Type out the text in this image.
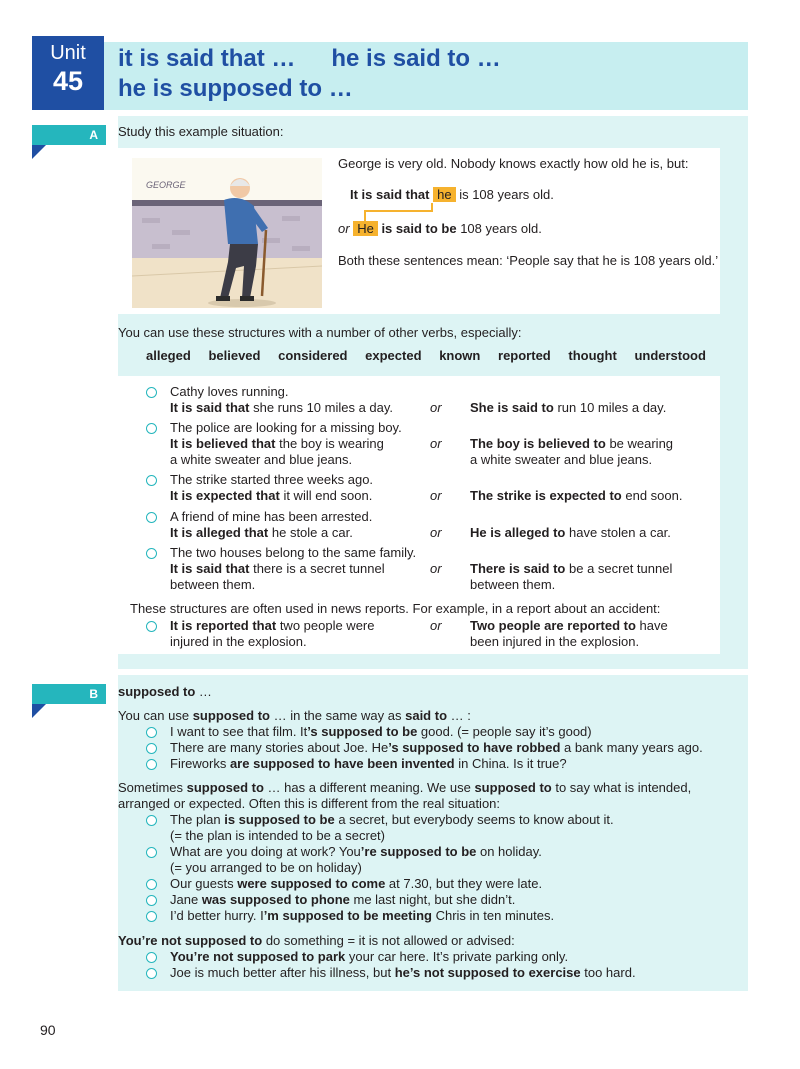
Unit
45
it is said that … he is said to …
he is supposed to …
A	Study this example situation:
GEORGE
George is very old. Nobody knows exactly how old he is, but:
It is said that he is 108 years old.
or He is said to be 108 years old.
Both these sentences mean: ‘People say that he is 108 years old.’
You can use these structures with a number of other verbs, especially:
alleged believed considered expected known reported thought understood
Cathy loves running.
It is said that she runs 10 miles a day.	or She is said to run 10 miles a day.
The police are looking for a missing boy.
It is believed that the boy is wearing
a white sweater and blue jeans.
or The boy is believed to be wearing
a white sweater and blue jeans.
The strike started three weeks ago.
It is expected that it will end soon.	or The strike is expected to end soon.
A friend of mine has been arrested.
It is alleged that he stole a car.	or He is alleged to have stolen a car.
The two houses belong to the same family.
It is said that there is a secret tunnel
between them.
or There is said to be a secret tunnel
between them.
These structures are often used in news reports. For example, in a report about an accident:
It is reported that two people were
injured in the explosion.
or Two people are reported to have
been injured in the explosion.
B	supposed to …
You can use supposed to … in the same way as said to … :
I want to see that film. It’s supposed to be good. (= people say it’s good)
There are many stories about Joe. He’s supposed to have robbed a bank many years ago.
Fireworks are supposed to have been invented in China. Is it true?
Sometimes supposed to … has a different meaning. We use supposed to to say what is intended,
arranged or expected. Often this is different from the real situation:
The plan is supposed to be a secret, but everybody seems to know about it.
(= the plan is intended to be a secret)
What are you doing at work? You’re supposed to be on holiday.
(= you arranged to be on holiday)
Our guests were supposed to come at 7.30, but they were late.
Jane was supposed to phone me last night, but she didn’t.
I’d better hurry. I’m supposed to be meeting Chris in ten minutes.
You’re not supposed to do something = it is not allowed or advised:
You’re not supposed to park your car here. It’s private parking only.
Joe is much better after his illness, but he’s not supposed to exercise too hard.
90
